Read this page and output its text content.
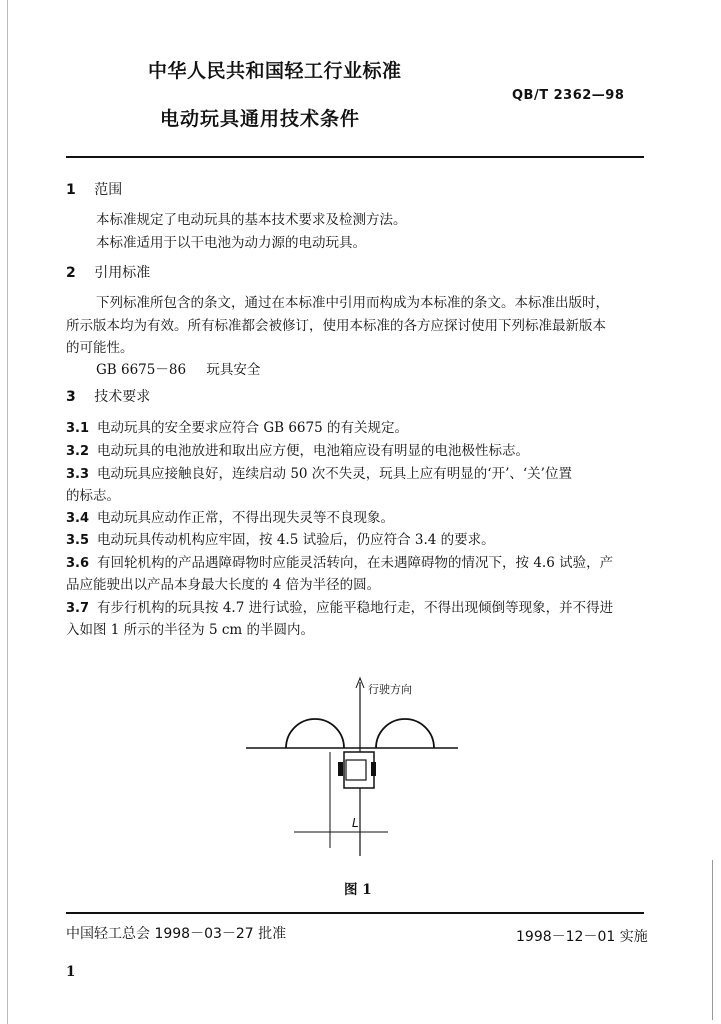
中华人民共和国轻工行业标准
QB/T 2362—98
电动玩具通用技术条件
1 范围
本标准规定了电动玩具的基本技术要求及检测方法。
本标准适用于以干电池为动力源的电动玩具。
2 引用标准
下列标准所包含的条文，通过在本标准中引用而构成为本标准的条文。本标准出版时，
所示版本均为有效。所有标准都会被修订，使用本标准的各方应探讨使用下列标准最新版本
的可能性。
GB 6675－86 玩具安全
3 技术要求
3.1 电动玩具的安全要求应符合 GB 6675 的有关规定。
3.2 电动玩具的电池放进和取出应方便，电池箱应设有明显的电池极性标志。
3.3 电动玩具应接触良好，连续启动 50 次不失灵，玩具上应有明显的‘开’、‘关’位置
的标志。
3.4 电动玩具应动作正常，不得出现失灵等不良现象。
3.5 电动玩具传动机构应牢固，按 4.5 试验后，仍应符合 3.4 的要求。
3.6 有回轮机构的产品遇障碍物时应能灵活转向，在未遇障碍物的情况下，按 4.6 试验，产
品应能驶出以产品本身最大长度的 4 倍为半径的圆。
3.7 有步行机构的玩具按 4.7 进行试验，应能平稳地行走，不得出现倾倒等现象，并不得进
入如图 1 所示的半径为 5 cm 的半圆内。
行驶方向
L
图 1
中国轻工总会 1998－03－27 批准	1998－12－01 实施
1
